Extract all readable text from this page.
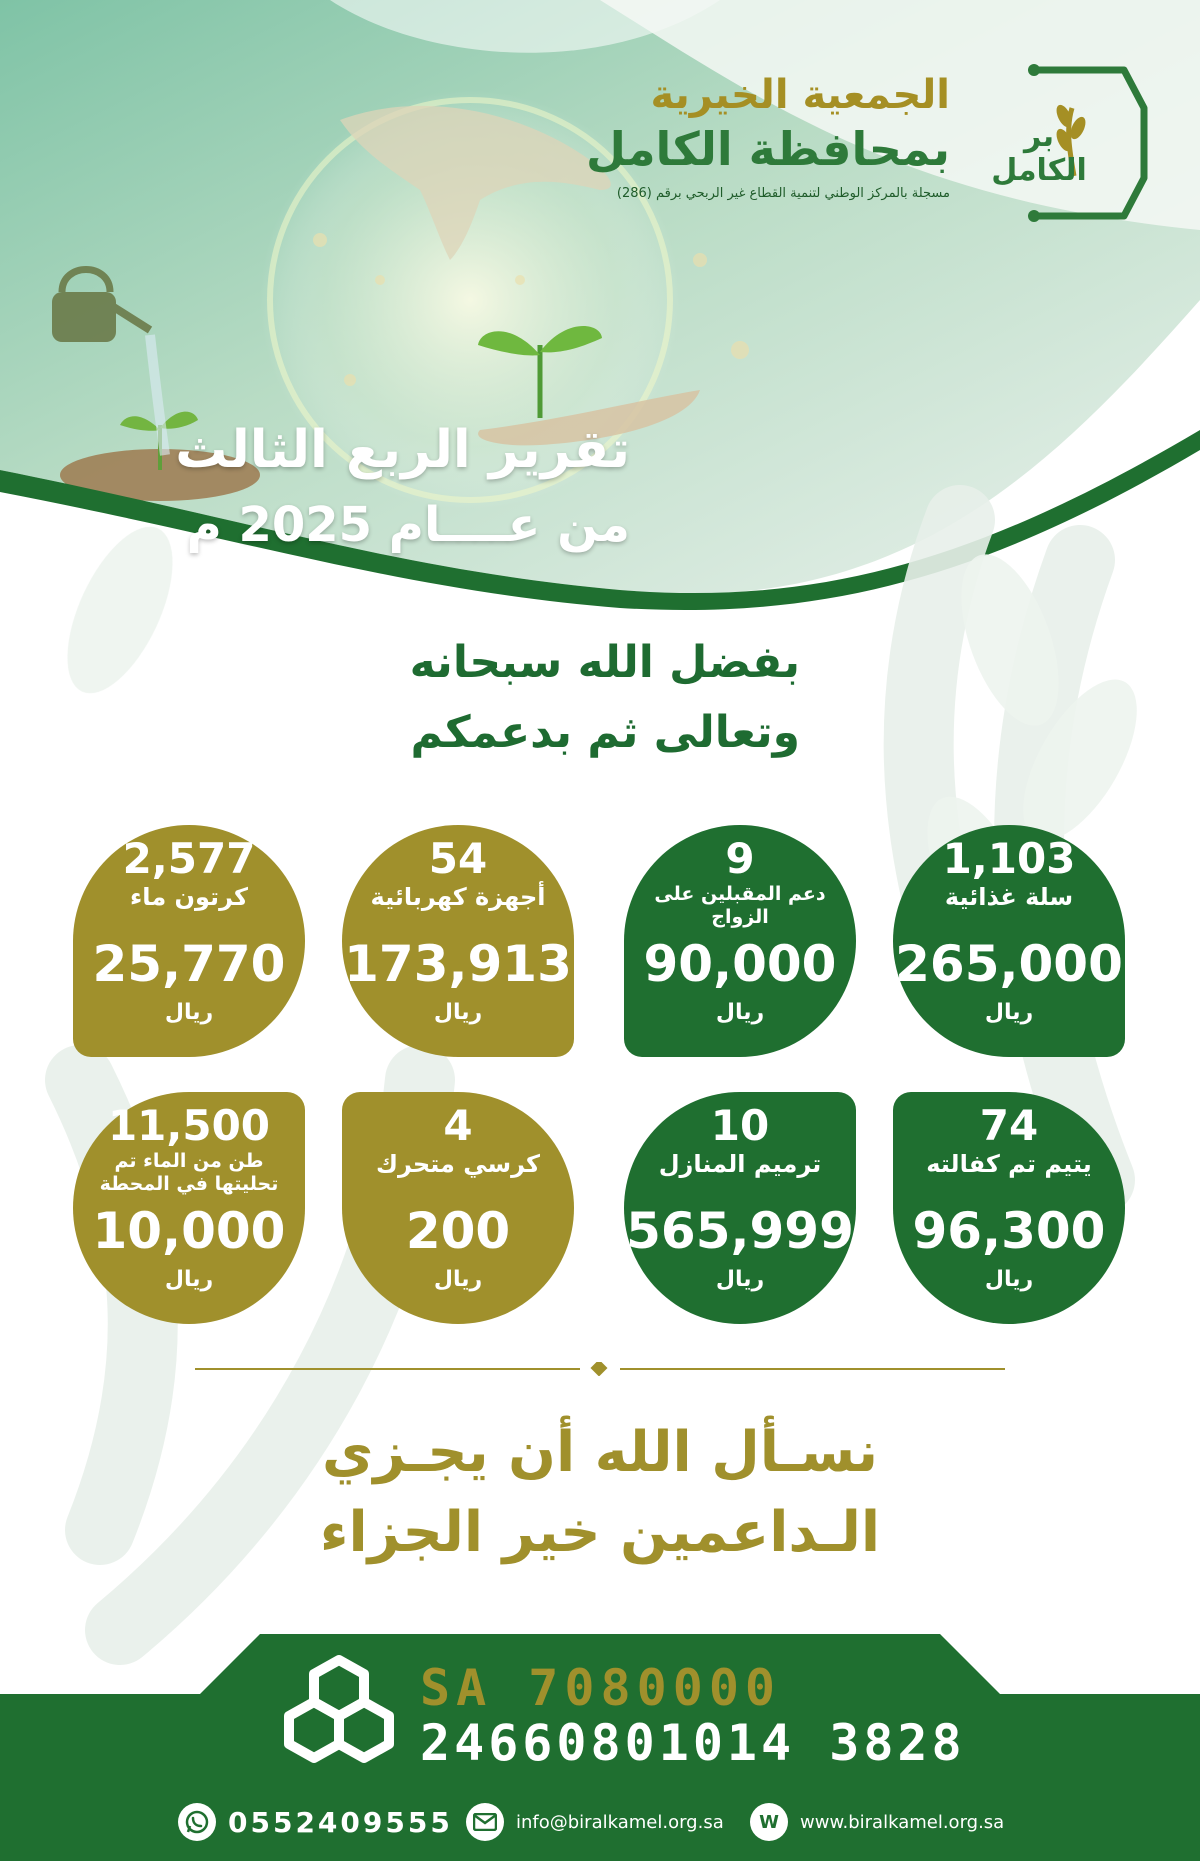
بر الكامل
الجمعية الخيرية
بمحافظة الكامل
مسجلة بالمركز الوطني لتنمية القطاع غير الربحي برقم (286)
تقرير الربع الثالث
من عــــام 2025 م
بفضل الله سبحانه
وتعالى ثم بدعمكم
1,103
سلة غذائية
265,000
ريال
9
دعم المقبلين على الزواج
90,000
ريال
54
أجهزة كهربائية
173,913
ريال
2,577
كرتون ماء
25,770
ريال
74
يتيم تم كفالته
96,300
ريال
10
ترميم المنازل
565,999
ريال
4
كرسي متحرك
200
ريال
11,500
طن من الماء تم تحليتها في المحطة
10,000
ريال
نسـأل الله أن يجـزي
الـداعمين خير الجزاء
SA 7080000
24660801014 3828
0552409555	info@biralkamel.org.sa W www.biralkamel.org.sa
